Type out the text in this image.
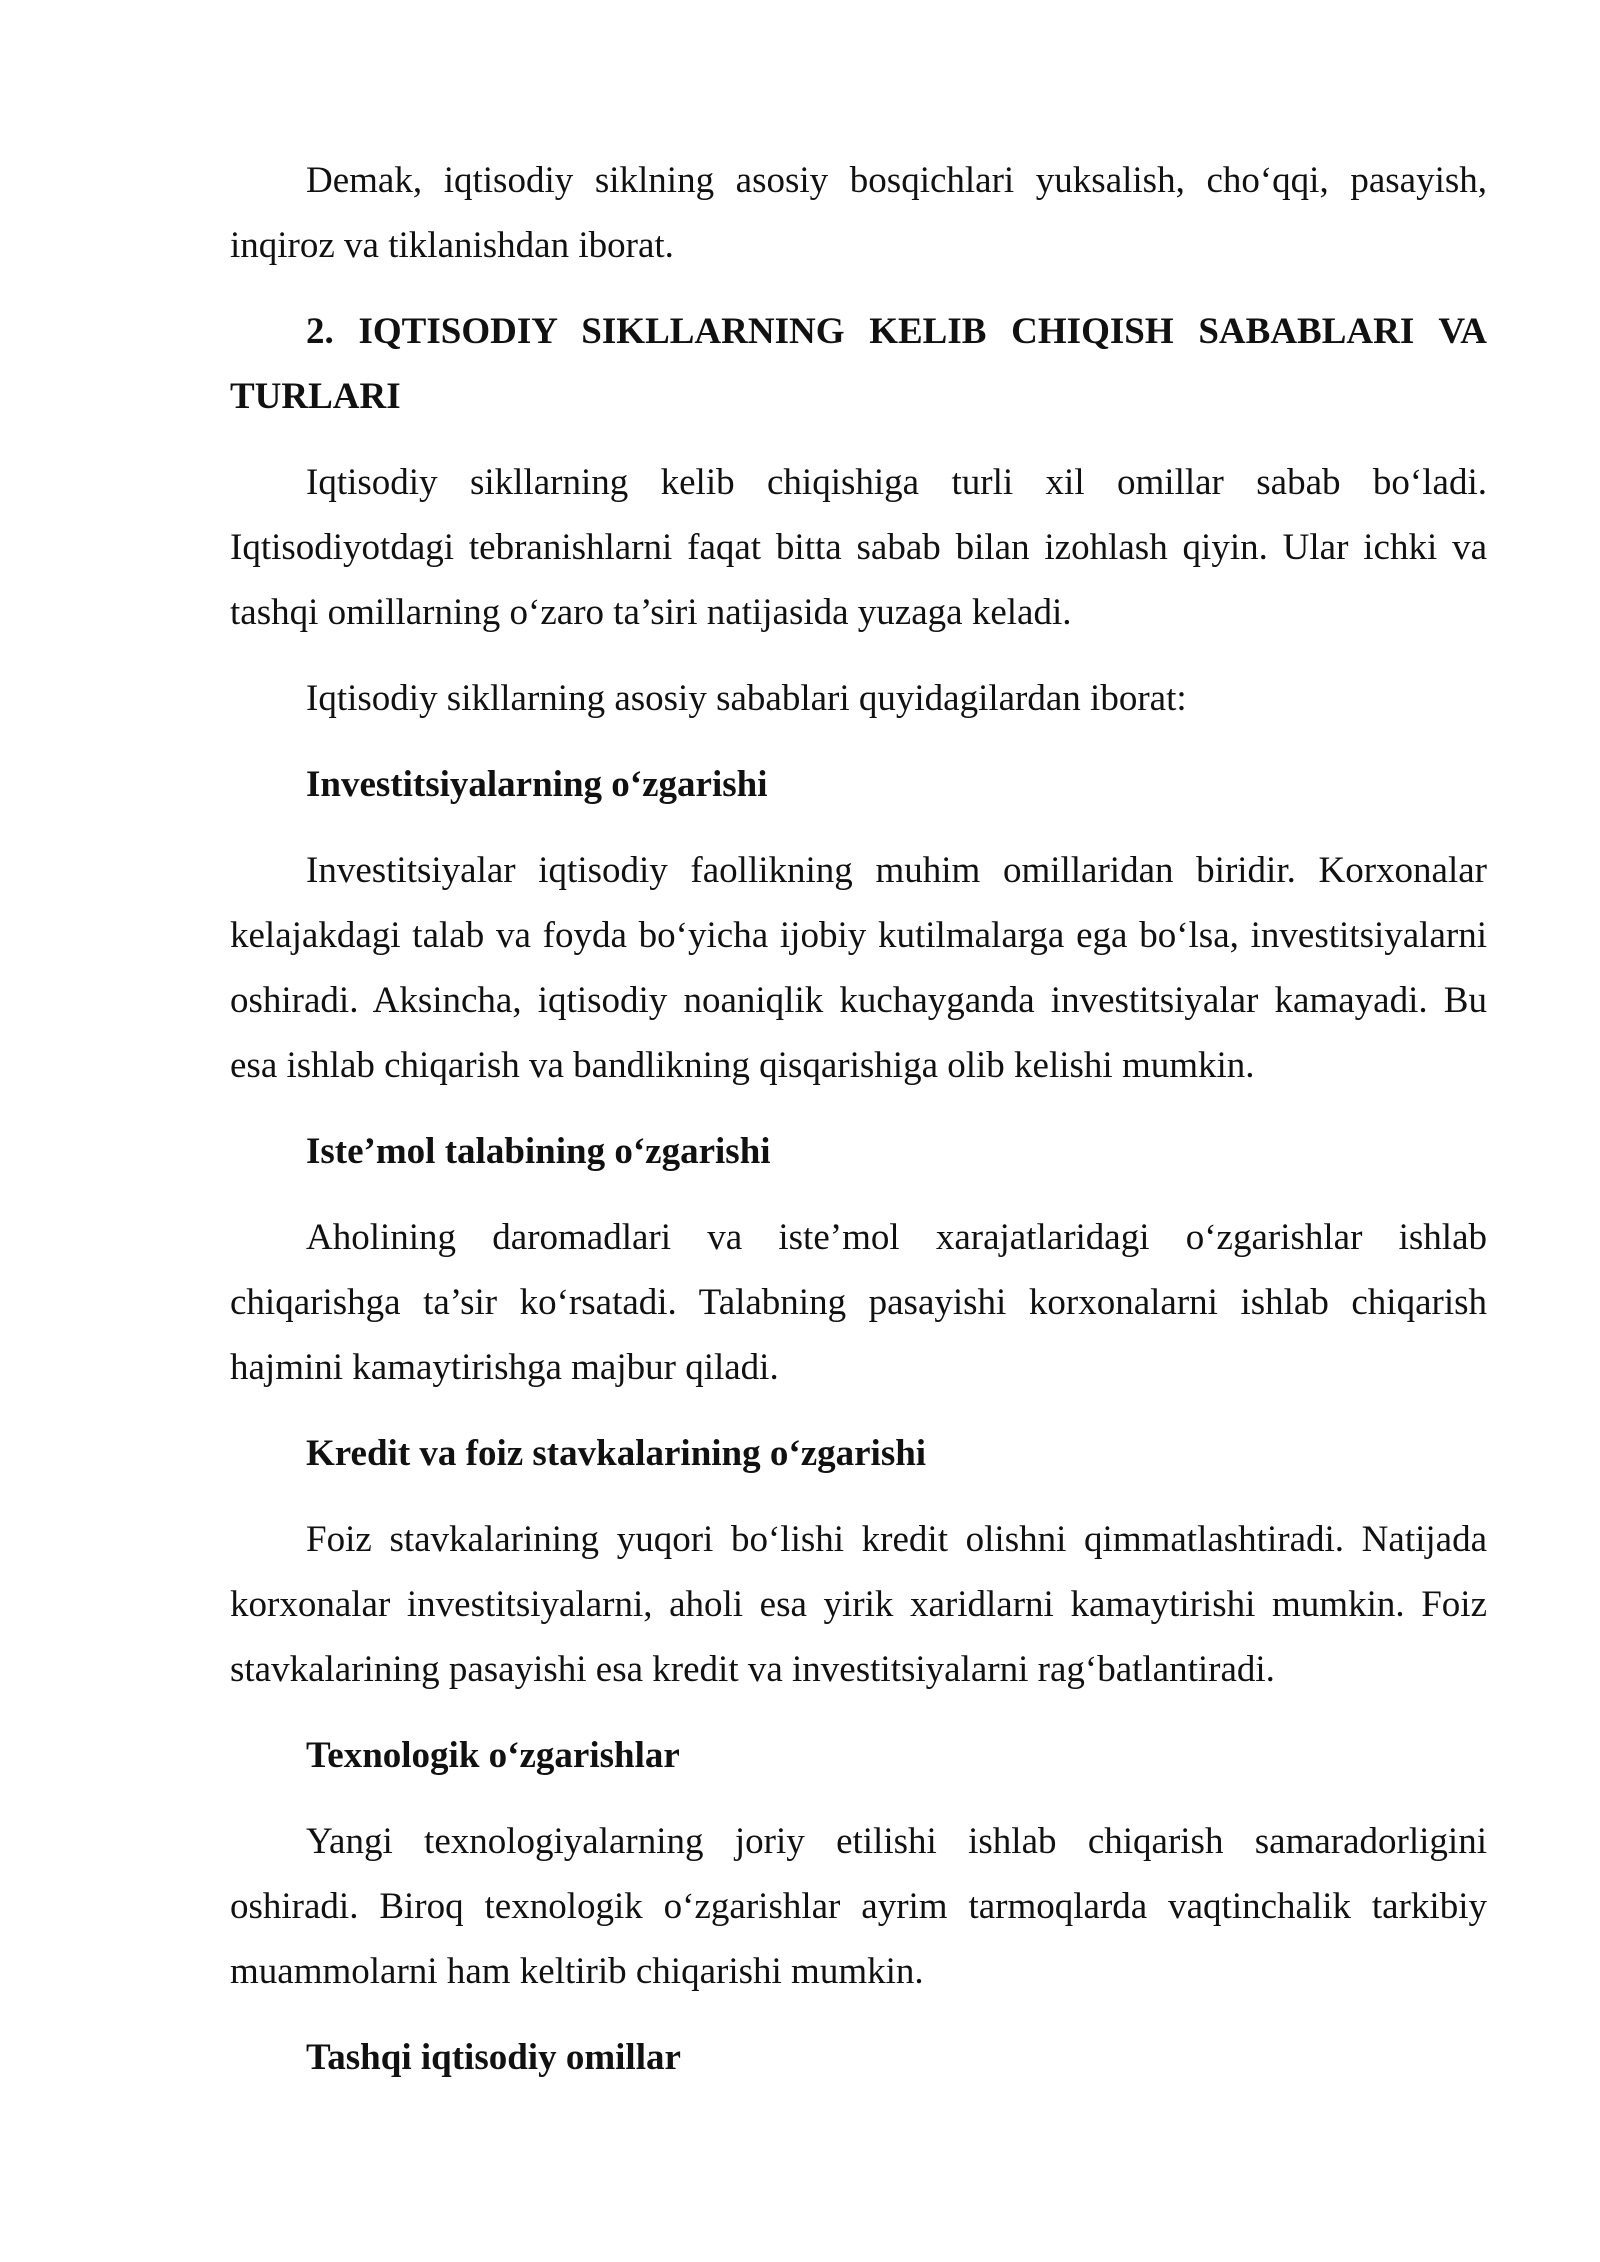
Demak, iqtisodiy siklning asosiy bosqichlari yuksalish, cho‘qqi, pasayish, inqiroz va tiklanishdan iborat.

2. IQTISODIY SIKLLARNING KELIB CHIQISH SABABLARI VA TURLARI

Iqtisodiy sikllarning kelib chiqishiga turli xil omillar sabab bo‘ladi. Iqtisodiyotdagi tebranishlarni faqat bitta sabab bilan izohlash qiyin. Ular ichki va tashqi omillarning o‘zaro ta’siri natijasida yuzaga keladi.

Iqtisodiy sikllarning asosiy sabablari quyidagilardan iborat:

Investitsiyalarning o‘zgarishi

Investitsiyalar iqtisodiy faollikning muhim omillaridan biridir. Korxonalar kelajakdagi talab va foyda bo‘yicha ijobiy kutilmalarga ega bo‘lsa, investitsiyalarni oshiradi. Aksincha, iqtisodiy noaniqlik kuchayganda investitsiyalar kamayadi. Bu esa ishlab chiqarish va bandlikning qisqarishiga olib kelishi mumkin.

Iste’mol talabining o‘zgarishi

Aholining daromadlari va iste’mol xarajatlaridagi o‘zgarishlar ishlab chiqarishga ta’sir ko‘rsatadi. Talabning pasayishi korxonalarni ishlab chiqarish hajmini kamaytirishga majbur qiladi.

Kredit va foiz stavkalarining o‘zgarishi

Foiz stavkalarining yuqori bo‘lishi kredit olishni qimmatlashtiradi. Natijada korxonalar investitsiyalarni, aholi esa yirik xaridlarni kamaytirishi mumkin. Foiz stavkalarining pasayishi esa kredit va investitsiyalarni rag‘batlantiradi.

Texnologik o‘zgarishlar

Yangi texnologiyalarning joriy etilishi ishlab chiqarish samaradorligini oshiradi. Biroq texnologik o‘zgarishlar ayrim tarmoqlarda vaqtinchalik tarkibiy muammolarni ham keltirib chiqarishi mumkin.

Tashqi iqtisodiy omillar
